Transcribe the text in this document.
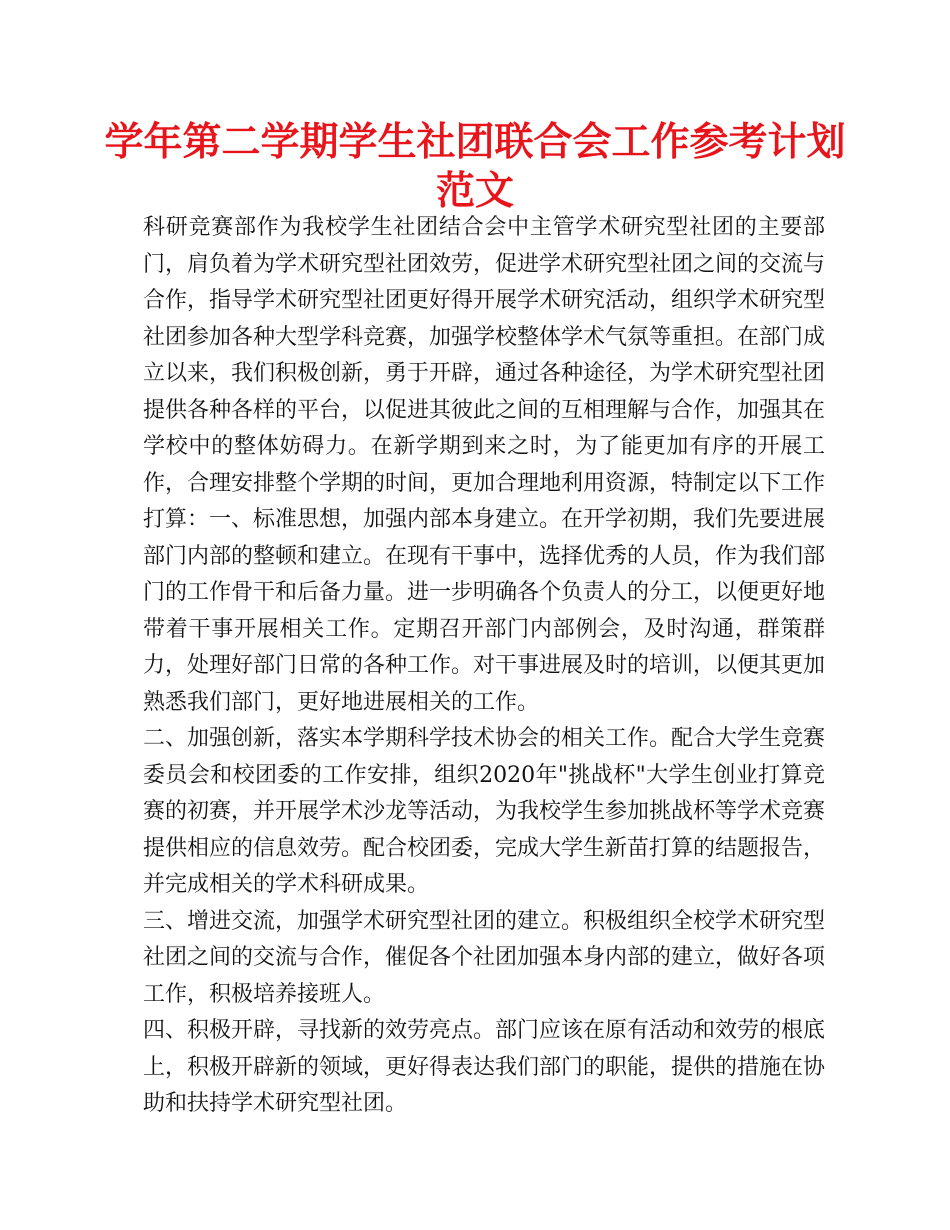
学年第二学期学生社团联合会工作参考计划范文

科研竞赛部作为我校学生社团结合会中主管学术研究型社团的主要部门，肩负着为学术研究型社团效劳，促进学术研究型社团之间的交流与合作，指导学术研究型社团更好得开展学术研究活动，组织学术研究型社团参加各种大型学科竞赛，加强学校整体学术气氛等重担。在部门成立以来，我们积极创新，勇于开辟，通过各种途径，为学术研究型社团提供各种各样的平台，以促进其彼此之间的互相理解与合作，加强其在学校中的整体妨碍力。在新学期到来之时，为了能更加有序的开展工作，合理安排整个学期的时间，更加合理地利用资源，特制定以下工作打算：一、标准思想，加强内部本身建立。在开学初期，我们先要进展部门内部的整顿和建立。在现有干事中，选择优秀的人员，作为我们部门的工作骨干和后备力量。进一步明确各个负责人的分工，以便更好地带着干事开展相关工作。定期召开部门内部例会，及时沟通，群策群力，处理好部门日常的各种工作。对干事进展及时的培训，以便其更加熟悉我们部门，更好地进展相关的工作。

二、加强创新，落实本学期科学技术协会的相关工作。配合大学生竞赛委员会和校团委的工作安排，组织2020年"挑战杯"大学生创业打算竞赛的初赛，并开展学术沙龙等活动，为我校学生参加挑战杯等学术竞赛提供相应的信息效劳。配合校团委，完成大学生新苗打算的结题报告，并完成相关的学术科研成果。

三、增进交流，加强学术研究型社团的建立。积极组织全校学术研究型社团之间的交流与合作，催促各个社团加强本身内部的建立，做好各项工作，积极培养接班人。

四、积极开辟，寻找新的效劳亮点。部门应该在原有活动和效劳的根底上，积极开辟新的领域，更好得表达我们部门的职能，提供的措施在协助和扶持学术研究型社团。
